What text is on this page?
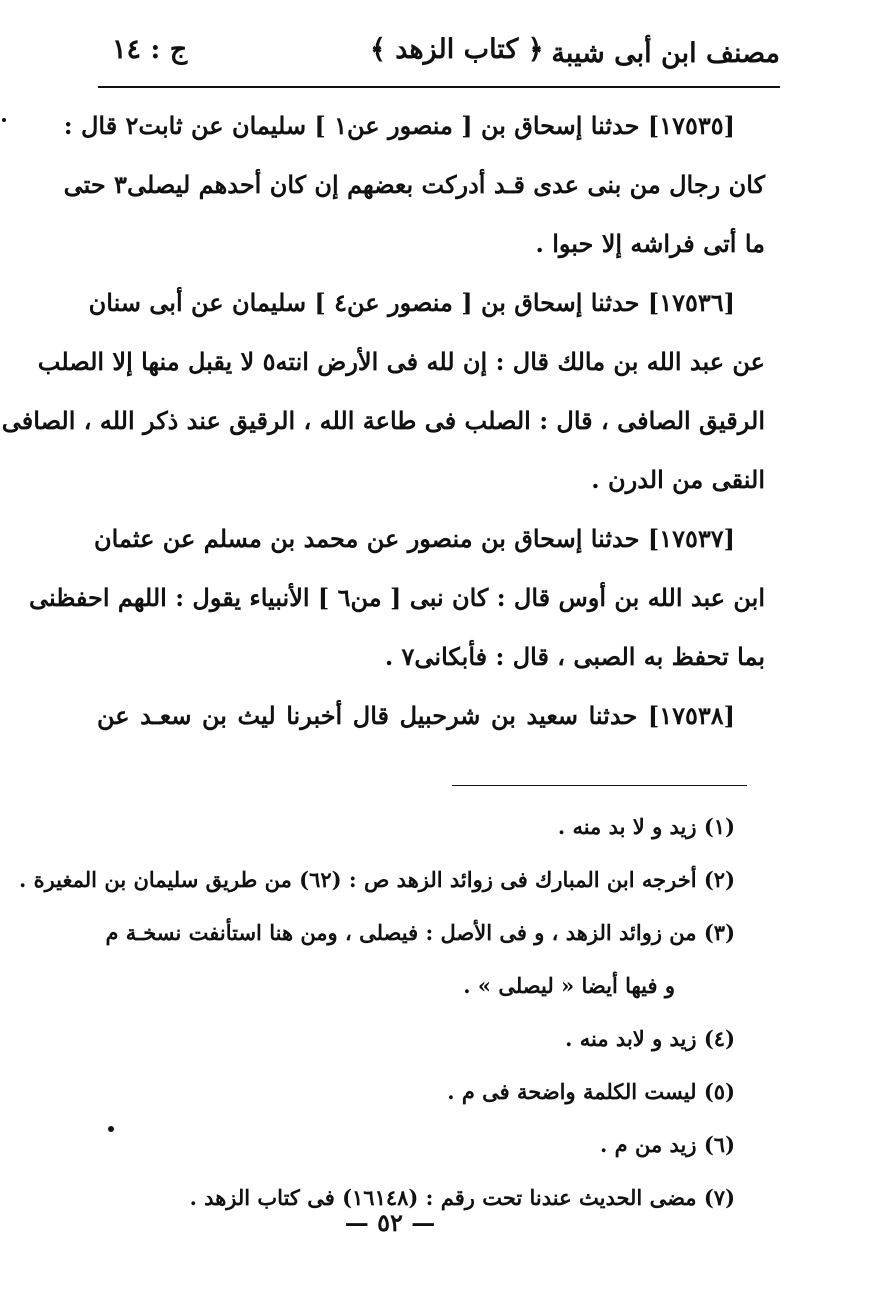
مصنف ابن أبى شيبة
﴿ كتاب الزهد ﴾
ج : ١٤
[١٧٥٣٥] حدثنا إسحاق بن [ منصور عن١ ] سليمان عن ثابت٢ قال :
كان رجال من بنى عدى قـد أدركت بعضهم إن كان أحدهم ليصلى٣ حتى
ما أتى فراشه إلا حبوا .
[١٧٥٣٦] حدثنا إسحاق بن [ منصور عن٤ ] سليمان عن أبى سنان
عن عبد الله بن مالك قال : إن لله فى الأرض انته٥ لا يقبل منها إلا الصلب
الرقيق الصافى ، قال : الصلب فى طاعة الله ، الرقيق عند ذكر الله ، الصافى
النقى من الدرن .
[١٧٥٣٧] حدثنا إسحاق بن منصور عن محمد بن مسلم عن عثمان
ابن عبد الله بن أوس قال : كان نبى [ من٦ ] الأنبياء يقول : اللهم احفظنى
بما تحفظ به الصبى ، قال : فأبكانى٧ .
[١٧٥٣٨] حدثنا سعيد بن شرحبيل قال أخبرنا ليث بن سعـد عن
(١) زيد و لا بد منه .
(٢) أخرجه ابن المبارك فى زوائد الزهد ص : (٦٢) من طريق سليمان بن المغيرة .
(٣) من زوائد الزهد ، و فى الأصل : فيصلى ، ومن هنا استأنفت نسخـة م
و فيها أيضا « ليصلى » .
(٤) زيد و لابد منه .
(٥) ليست الكلمة واضحة فى م .
(٦) زيد من م .
(٧) مضى الحديث عندنا تحت رقم : (١٦١٤٨) فى كتاب الزهد .
— ٥٢ —
